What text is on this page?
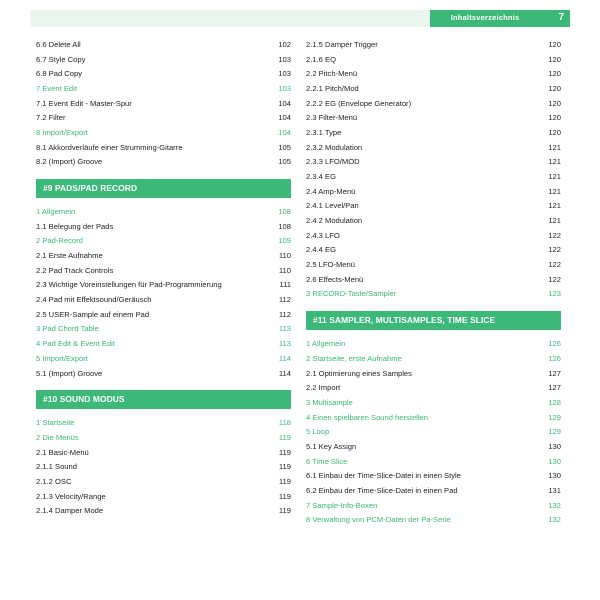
Inhaltsverzeichnis	7
6.6 Delete All	102
6.7 Style Copy	103
6.8 Pad Copy	103
7 Event Edit	103
7.1 Event Edit - Master-Spur	104
7.2 Filter	104
8 Import/Export	104
8.1 Akkordverläufe einer Strumming-Gitarre	105
8.2 (Import) Groove	105
#9 PADS/PAD RECORD
1 Allgemein	108
1.1 Belegung der Pads	108
2 Pad-Record	109
2.1 Erste Aufnahme	110
2.2 Pad Track Controls	110
2.3 Wichtige Voreinstellungen für Pad-Programmierung	111
2.4 Pad mit Effektsound/Geräusch	112
2.5 USER-Sample auf einem Pad	112
3 Pad Chord Table	113
4 Pad Edit & Event Edit	113
5 Import/Export	114
5.1 (Import) Groove	114
#10 SOUND MODUS
1 Startseite	118
2 Die Menüs	119
2.1 Basic-Menü	119
2.1.1 Sound	119
2.1.2 OSC	119
2.1.3 Velocity/Range	119
2.1.4 Damper Mode	119
2.1.5 Damper Trigger	120
2.1.6 EQ	120
2.2 Pitch-Menü	120
2.2.1 Pitch/Mod	120
2.2.2 EG (Envelope Generator)	120
2.3 Filter-Menü	120
2.3.1 Type	120
2.3.2 Modulation	121
2.3.3 LFO/MOD	121
2.3.4 EG	121
2.4 Amp-Menü	121
2.4.1 Level/Pan	121
2.4.2 Modulation	121
2.4.3 LFO	122
2.4.4 EG	122
2.5 LFO-Menü	122
2.6 Effects-Menü	122
3 RECORD-Taste/Sampler	123
#11 SAMPLER, MULTISAMPLES, TIME SLICE
1 Allgemein	126
2 Startseite, erste Aufnahme	126
2.1 Optimierung eines Samples	127
2.2 Import	127
3 Multisample	128
4 Einen spielbaren Sound herstellen	129
5 Loop	129
5.1 Key Assign	130
6 Time Slice	130
6.1 Einbau der Time-Slice-Datei in einen Style	130
6.2 Einbau der Time-Slice-Datei in einen Pad	131
7 Sample-Info-Boxen	132
8 Verwaltung von PCM-Daten der Pa-Serie	132
